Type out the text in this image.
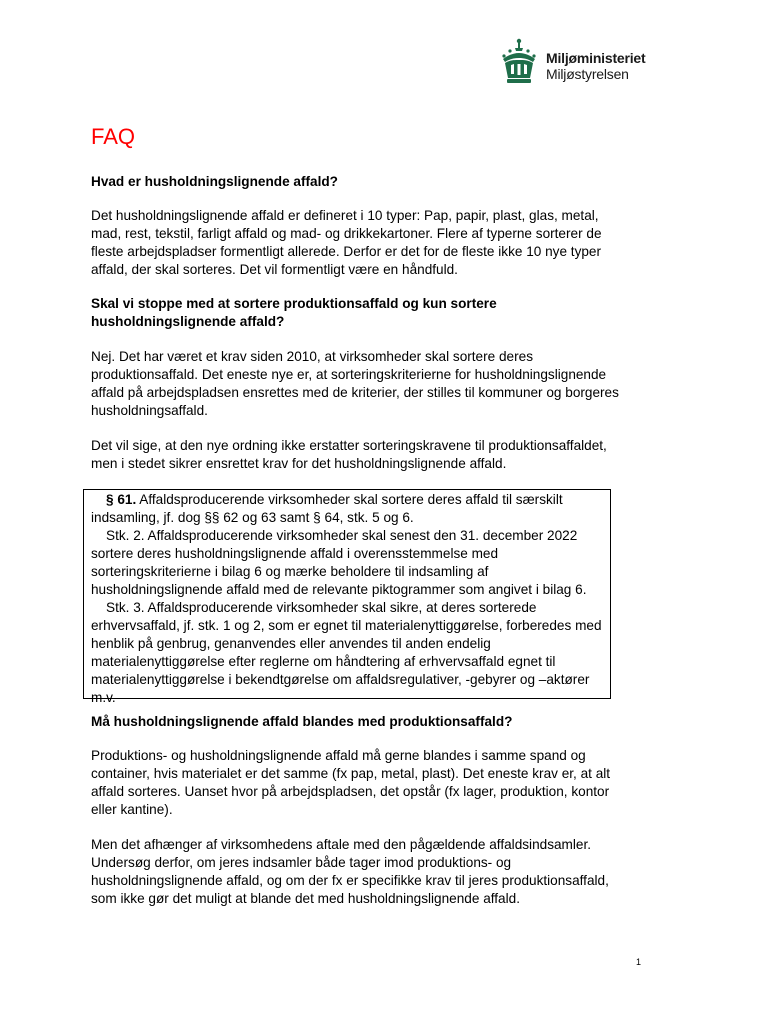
Miljøministeriet
Miljøstyrelsen
FAQ

Hvad er husholdningslignende affald?

Det husholdningslignende affald er defineret i 10 typer: Pap, papir, plast, glas, metal, mad, rest, tekstil, farligt affald og mad- og drikkekartoner. Flere af typerne sorterer de fleste arbejdspladser formentligt allerede. Derfor er det for de fleste ikke 10 nye typer affald, der skal sorteres. Det vil formentligt være en håndfuld.

Skal vi stoppe med at sortere produktionsaffald og kun sortere husholdningslignende affald?

Nej. Det har været et krav siden 2010, at virksomheder skal sortere deres produktionsaffald. Det eneste nye er, at sorteringskriterierne for husholdningslignende affald på arbejdspladsen ensrettes med de kriterier, der stilles til kommuner og borgeres husholdningsaffald.

Det vil sige, at den nye ordning ikke erstatter sorteringskravene til produktionsaffaldet, men i stedet sikrer ensrettet krav for det husholdningslignende affald.

§ 61. Affaldsproducerende virksomheder skal sortere deres affald til særskilt indsamling, jf. dog §§ 62 og 63 samt § 64, stk. 5 og 6.

Stk. 2. Affaldsproducerende virksomheder skal senest den 31. december 2022 sortere deres husholdningslignende affald i overensstemmelse med sorteringskriterierne i bilag 6 og mærke beholdere til indsamling af husholdningslignende affald med de relevante piktogrammer som angivet i bilag 6.

Stk. 3. Affaldsproducerende virksomheder skal sikre, at deres sorterede erhvervsaffald, jf. stk. 1 og 2, som er egnet til materialenyttiggørelse, forberedes med henblik på genbrug, genanvendes eller anvendes til anden endelig materialenyttiggørelse efter reglerne om håndtering af erhvervsaffald egnet til materialenyttiggørelse i bekendtgørelse om affaldsregulativer, -gebyrer og –aktører m.v.

Må husholdningslignende affald blandes med produktionsaffald?

Produktions- og husholdningslignende affald må gerne blandes i samme spand og container, hvis materialet er det samme (fx pap, metal, plast). Det eneste krav er, at alt affald sorteres. Uanset hvor på arbejdspladsen, det opstår (fx lager, produktion, kontor eller kantine).

Men det afhænger af virksomhedens aftale med den pågældende affaldsindsamler. Undersøg derfor, om jeres indsamler både tager imod produktions- og husholdningslignende affald, og om der fx er specifikke krav til jeres produktionsaffald, som ikke gør det muligt at blande det med husholdningslignende affald.

1
